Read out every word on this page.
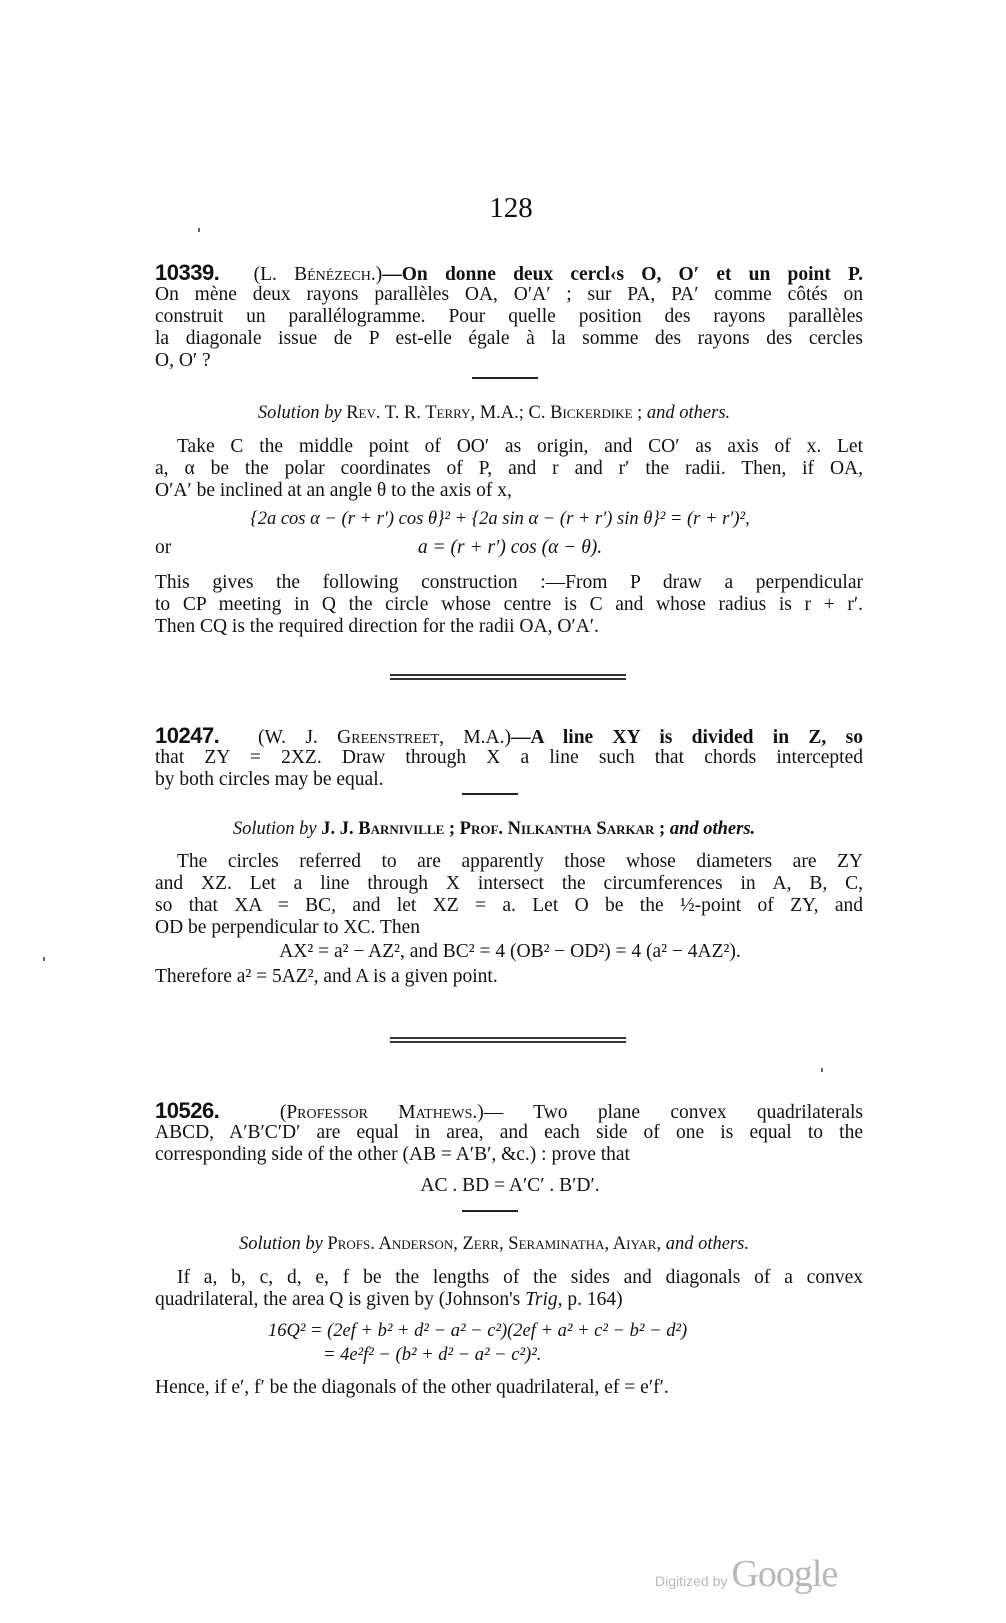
128
10339. (L. Bénézech.)—On donne deux cercl‹s O, O′ et un point P.
On mène deux rayons parallèles OA, O′A′ ; sur PA, PA′ comme côtés on
construit un parallélogramme. Pour quelle position des rayons parallèles
la diagonale issue de P est-elle égale à la somme des rayons des cercles
O, O′ ?
Solution by Rev. T. R. Terry, M.A.; C. Bickerdike ; and others.
Take C the middle point of OO′ as origin, and CO′ as axis of x. Let
a, α be the polar coordinates of P, and r and r′ the radii. Then, if OA,
O′A′ be inclined at an angle θ to the axis of x,
{2a cos α − (r + r′) cos θ}² + {2a sin α − (r + r′) sin θ}² = (r + r′)²,
or	a = (r + r′) cos (α − θ).
This gives the following construction :—From P draw a perpendicular
to CP meeting in Q the circle whose centre is C and whose radius is r + r′.
Then CQ is the required direction for the radii OA, O′A′.
10247. (W. J. Greenstreet, M.A.)—A line XY is divided in Z, so
that ZY = 2XZ. Draw through X a line such that chords intercepted
by both circles may be equal.
Solution by J. J. Barniville ; Prof. Nilkantha Sarkar ; and others.
The circles referred to are apparently those whose diameters are ZY
and XZ. Let a line through X intersect the circumferences in A, B, C,
so that XA = BC, and let XZ = a. Let O be the ½-point of ZY, and
OD be perpendicular to XC. Then
AX² = a² − AZ², and BC² = 4 (OB² − OD²) = 4 (a² − 4AZ²).
Therefore a² = 5AZ², and A is a given point.
10526.	(Professor Mathews.)— Two plane convex quadrilaterals
ABCD, A′B′C′D′ are equal in area, and each side of one is equal to the
corresponding side of the other (AB = A′B′, &c.) : prove that
AC . BD = A′C′ . B′D′.
Solution by Profs. Anderson, Zerr, Seraminatha, Aiyar, and others.
If a, b, c, d, e, f be the lengths of the sides and diagonals of a convex
quadrilateral, the area Q is given by (Johnson's Trig, p. 164)
16Q² = (2ef + b² + d² − a² − c²)(2ef + a² + c² − b² − d²)
= 4e²f² − (b² + d² − a² − c²)².
Hence, if e′, f′ be the diagonals of the other quadrilateral, ef = e′f′.
Digitized by Google
